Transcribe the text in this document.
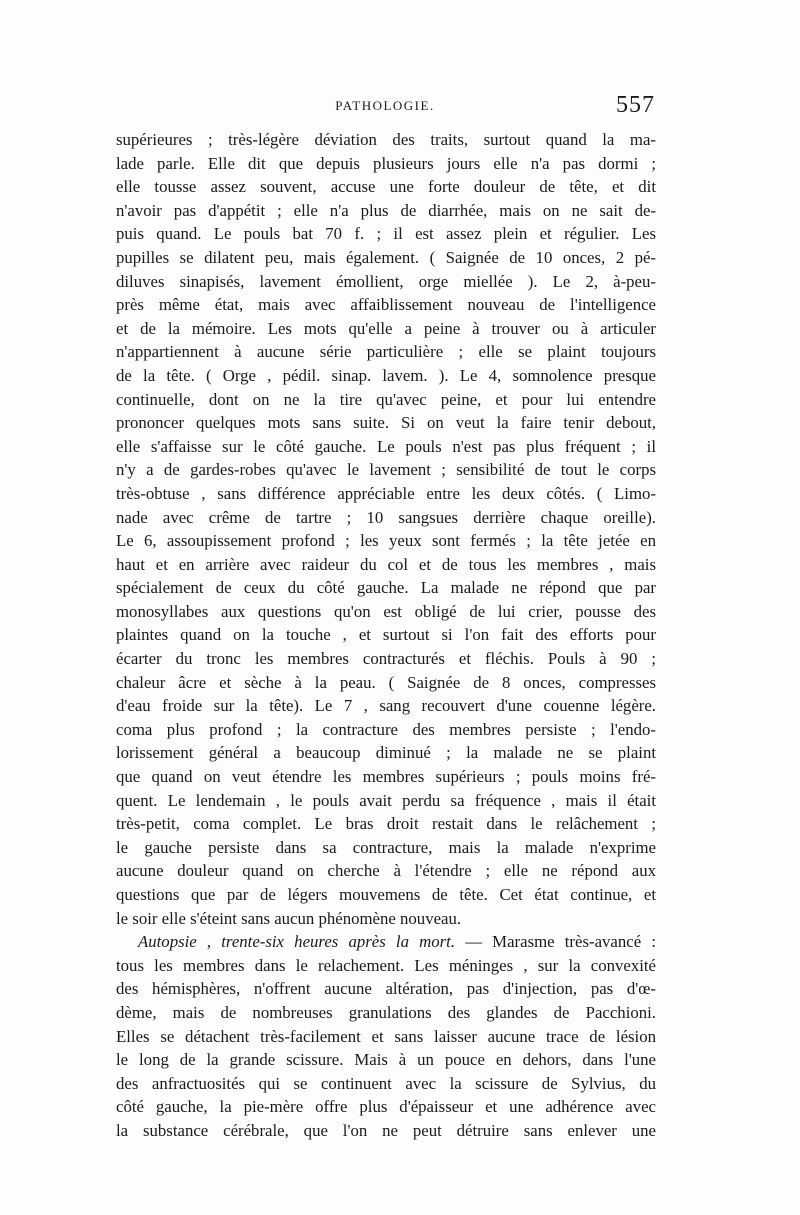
PATHOLOGIE.	557
supérieures ; très-légère déviation des traits, surtout quand la ma-
lade parle. Elle dit que depuis plusieurs jours elle n'a pas dormi ;
elle tousse assez souvent, accuse une forte douleur de tête, et dit
n'avoir pas d'appétit ; elle n'a plus de diarrhée, mais on ne sait de-
puis quand. Le pouls bat 70 f. ; il est assez plein et régulier. Les
pupilles se dilatent peu, mais également. ( Saignée de 10 onces, 2 pé-
diluves sinapisés, lavement émollient, orge miellée ). Le 2, à-peu-
près même état, mais avec affaiblissement nouveau de l'intelligence
et de la mémoire. Les mots qu'elle a peine à trouver ou à articuler
n'appartiennent à aucune série particulière ; elle se plaint toujours
de la tête. ( Orge , pédil. sinap. lavem. ). Le 4, somnolence presque
continuelle, dont on ne la tire qu'avec peine, et pour lui entendre
prononcer quelques mots sans suite. Si on veut la faire tenir debout,
elle s'affaisse sur le côté gauche. Le pouls n'est pas plus fréquent ; il
n'y a de gardes-robes qu'avec le lavement ; sensibilité de tout le corps
très-obtuse , sans différence appréciable entre les deux côtés. ( Limo-
nade avec crême de tartre ; 10 sangsues derrière chaque oreille).
Le 6, assoupissement profond ; les yeux sont fermés ; la tête jetée en
haut et en arrière avec raideur du col et de tous les membres , mais
spécialement de ceux du côté gauche. La malade ne répond que par
monosyllabes aux questions qu'on est obligé de lui crier, pousse des
plaintes quand on la touche , et surtout si l'on fait des efforts pour
écarter du tronc les membres contracturés et fléchis. Pouls à 90 ;
chaleur âcre et sèche à la peau. ( Saignée de 8 onces, compresses
d'eau froide sur la tête). Le 7 , sang recouvert d'une couenne légère.
coma plus profond ; la contracture des membres persiste ; l'endo-
lorissement général a beaucoup diminué ; la malade ne se plaint
que quand on veut étendre les membres supérieurs ; pouls moins fré-
quent. Le lendemain , le pouls avait perdu sa fréquence , mais il était
très-petit, coma complet. Le bras droit restait dans le relâchement ;
le gauche persiste dans sa contracture, mais la malade n'exprime
aucune douleur quand on cherche à l'étendre ; elle ne répond aux
questions que par de légers mouvemens de tête. Cet état continue, et
le soir elle s'éteint sans aucun phénomène nouveau.
Autopsie , trente-six heures après la mort. — Marasme très-avancé :
tous les membres dans le relachement. Les méninges , sur la convexité
des hémisphères, n'offrent aucune altération, pas d'injection, pas d'œ-
dème, mais de nombreuses granulations des glandes de Pacchioni.
Elles se détachent très-facilement et sans laisser aucune trace de lésion
le long de la grande scissure. Mais à un pouce en dehors, dans l'une
des anfractuosités qui se continuent avec la scissure de Sylvius, du
côté gauche, la pie-mère offre plus d'épaisseur et une adhérence avec
la substance cérébrale, que l'on ne peut détruire sans enlever une
